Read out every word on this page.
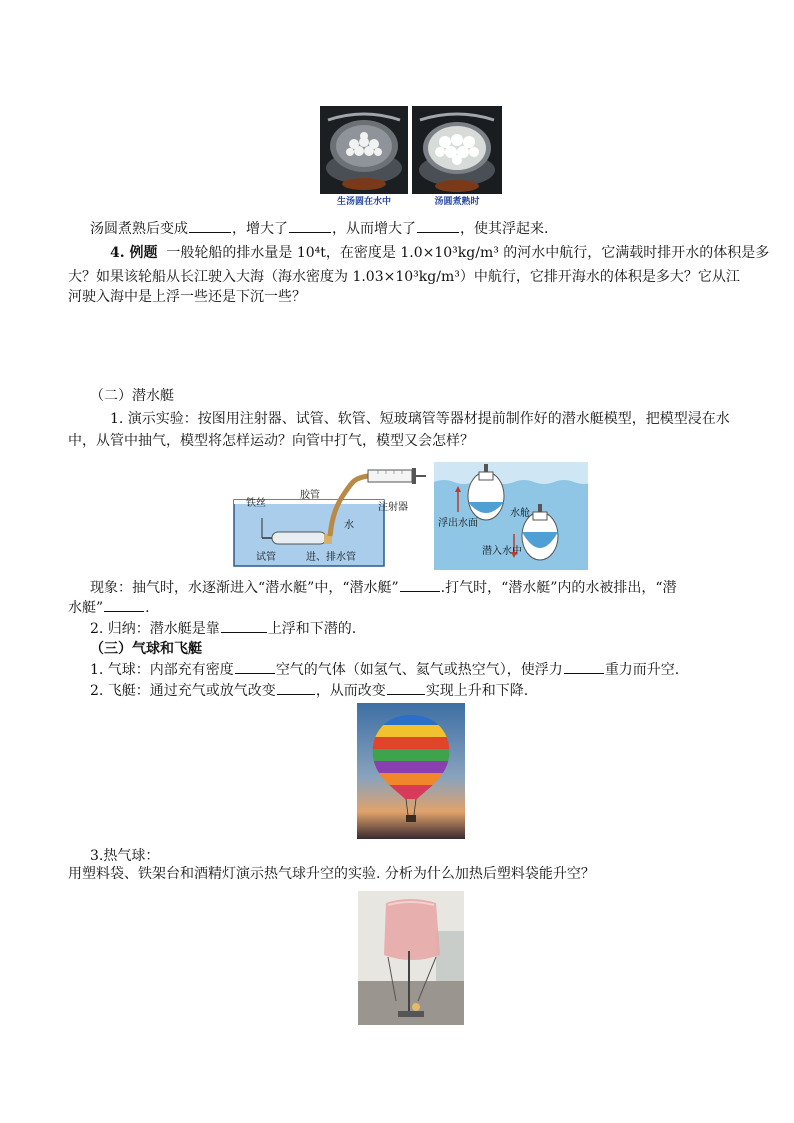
生汤圆在水中	汤圆煮熟时
汤圆煮熟后变成	，增大了	，从而增大了	，使其浮起来.
4. 例题 一般轮船的排水量是 10⁴t，在密度是 1.0×10³kg/m³ 的河水中航行，它满载时排开水的体积是多
大？如果该轮船从长江驶入大海（海水密度为 1.03×10³kg/m³）中航行，它排开海水的体积是多大？它从江
河驶入海中是上浮一些还是下沉一些？
（二）潜水艇
1. 演示实验：按图用注射器、试管、软管、短玻璃管等器材提前制作好的潜水艇模型，把模型浸在水
中，从管中抽气，模型将怎样运动？向管中打气，模型又会怎样？
铁丝
胶管
注射器
水
试管	进、排水管
水舱
浮出水面
潜入水中
现象：抽气时，水逐渐进入“潜水艇”中，“潜水艇”	.打气时，“潜水艇”内的水被排出，“潜
水艇”	.
2. 归纳：潜水艇是靠	上浮和下潜的.
（三）气球和飞艇
1. 气球：内部充有密度	空气的气体（如氢气、氦气或热空气），使浮力	重力而升空.
2. 飞艇：通过充气或放气改变	，从而改变	实现上升和下降.
3.热气球：
用塑料袋、铁架台和酒精灯演示热气球升空的实验. 分析为什么加热后塑料袋能升空？
